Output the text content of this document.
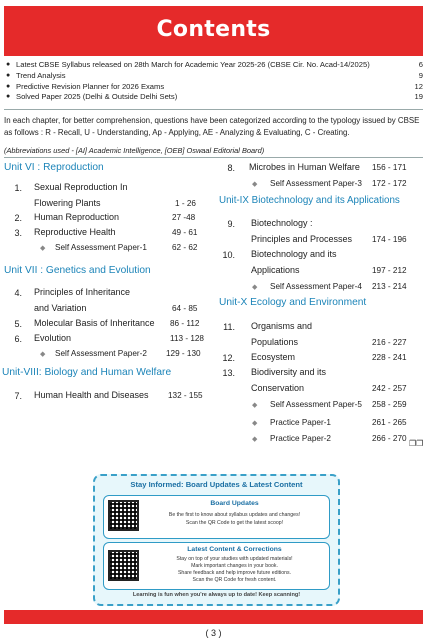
Contents
● Latest CBSE Syllabus released on 28th March for Academic Year 2025-26 (CBSE Cir. No. Acad-14/2025)	6
● Trend Analysis	9
● Predictive Revision Planner for 2026 Exams	12
● Solved Paper 2025 (Delhi & Outside Delhi Sets)	19
In each chapter, for better comprehension, questions have been categorized according to the typology issued by CBSE as follows : R - Recall, U - Understanding, Ap - Applying, AE - Analyzing & Evaluating, C - Creating.
(Abbreviations used - [AI] Academic Intelligence, [OEB] Oswaal Editorial Board)
Unit VI : Reproduction
1. Sexual Reproduction In
Flowering Plants	1 - 26
2. Human Reproduction	27 -48
3. Reproductive Health	49 - 61
◆ Self Assessment Paper-1	62 - 62
Unit VII : Genetics and Evolution
4. Principles of Inheritance
and Variation	64 - 85
5. Molecular Basis of Inheritance 86 - 112
6. Evolution	113 - 128
◆ Self Assessment Paper-2 129 - 130
Unit-VIII: Biology and Human Welfare
7. Human Health and Diseases 132 - 155
8. Microbes in Human Welfare 156 - 171
◆ Self Assessment Paper-3 172 - 172
Unit-IX Biotechnology and its Applications
9. Biotechnology :
Principles and Processes 174 - 196
10. Biotechnology and its
Applications	197 - 212
◆ Self Assessment Paper-4 213 - 214
Unit-X Ecology and Environment
11. Organisms and
Populations	216 - 227
12. Ecosystem	228 - 241
13. Biodiversity and its
Conservation	242 - 257
◆ Self Assessment Paper-5 258 - 259
◆ Practice Paper-1	261 - 265
◆ Practice Paper-2	266 - 270
❐❐
Stay Informed: Board Updates & Latest Content
Board Updates
Be the first to know about syllabus updates and changes!
Scan the QR Code to get the latest scoop!
Latest Content & Corrections
Stay on top of your studies with updated materials!
Mark important changes in your book.
Share feedback and help improve future editions.
Scan the QR Code for fresh content.
Learning is fun when you're always up to date! Keep scanning!
( 3 )
